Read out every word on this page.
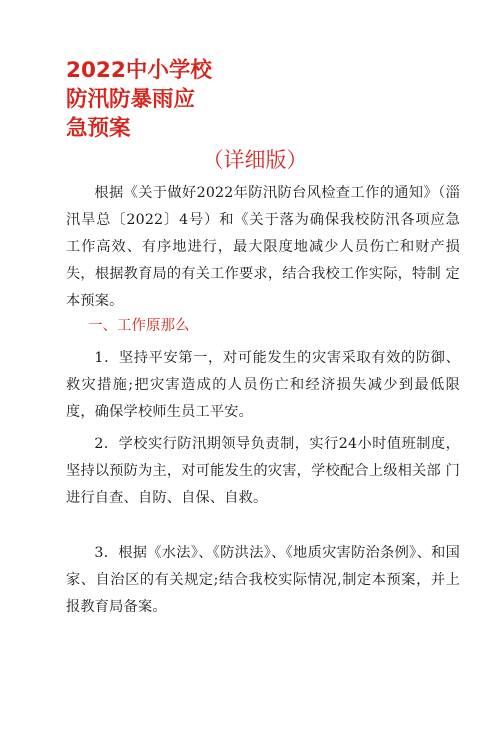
2022中小学校
防汛防暴雨应
急预案
（详细版）

根据《关于做好2022年防汛防台风检查工作的通知》（淄汛旱总〔2022〕4号）和《关于落为确保我校防汛各项应急 工作高效、有序地进行，最大限度地减少人员伤亡和财产损 失，根据教育局的有关工作要求，结合我校工作实际，特制 定本预案。

一、工作原那么

1．坚持平安第一，对可能发生的灾害采取有效的防御、 救灾措施;把灾害造成的人员伤亡和经济损失减少到最低限 度，确保学校师生员工平安。

2．学校实行防汛期领导负责制，实行24小时值班制度，坚持以预防为主，对可能发生的灾害，学校配合上级相关部 门进行自查、自防、自保、自救。

3．根据《水法》、《防洪法》、《地质灾害防治条例》、和国家、自治区的有关规定;结合我校实际情况,制定本预案，并上报教育局备案。
